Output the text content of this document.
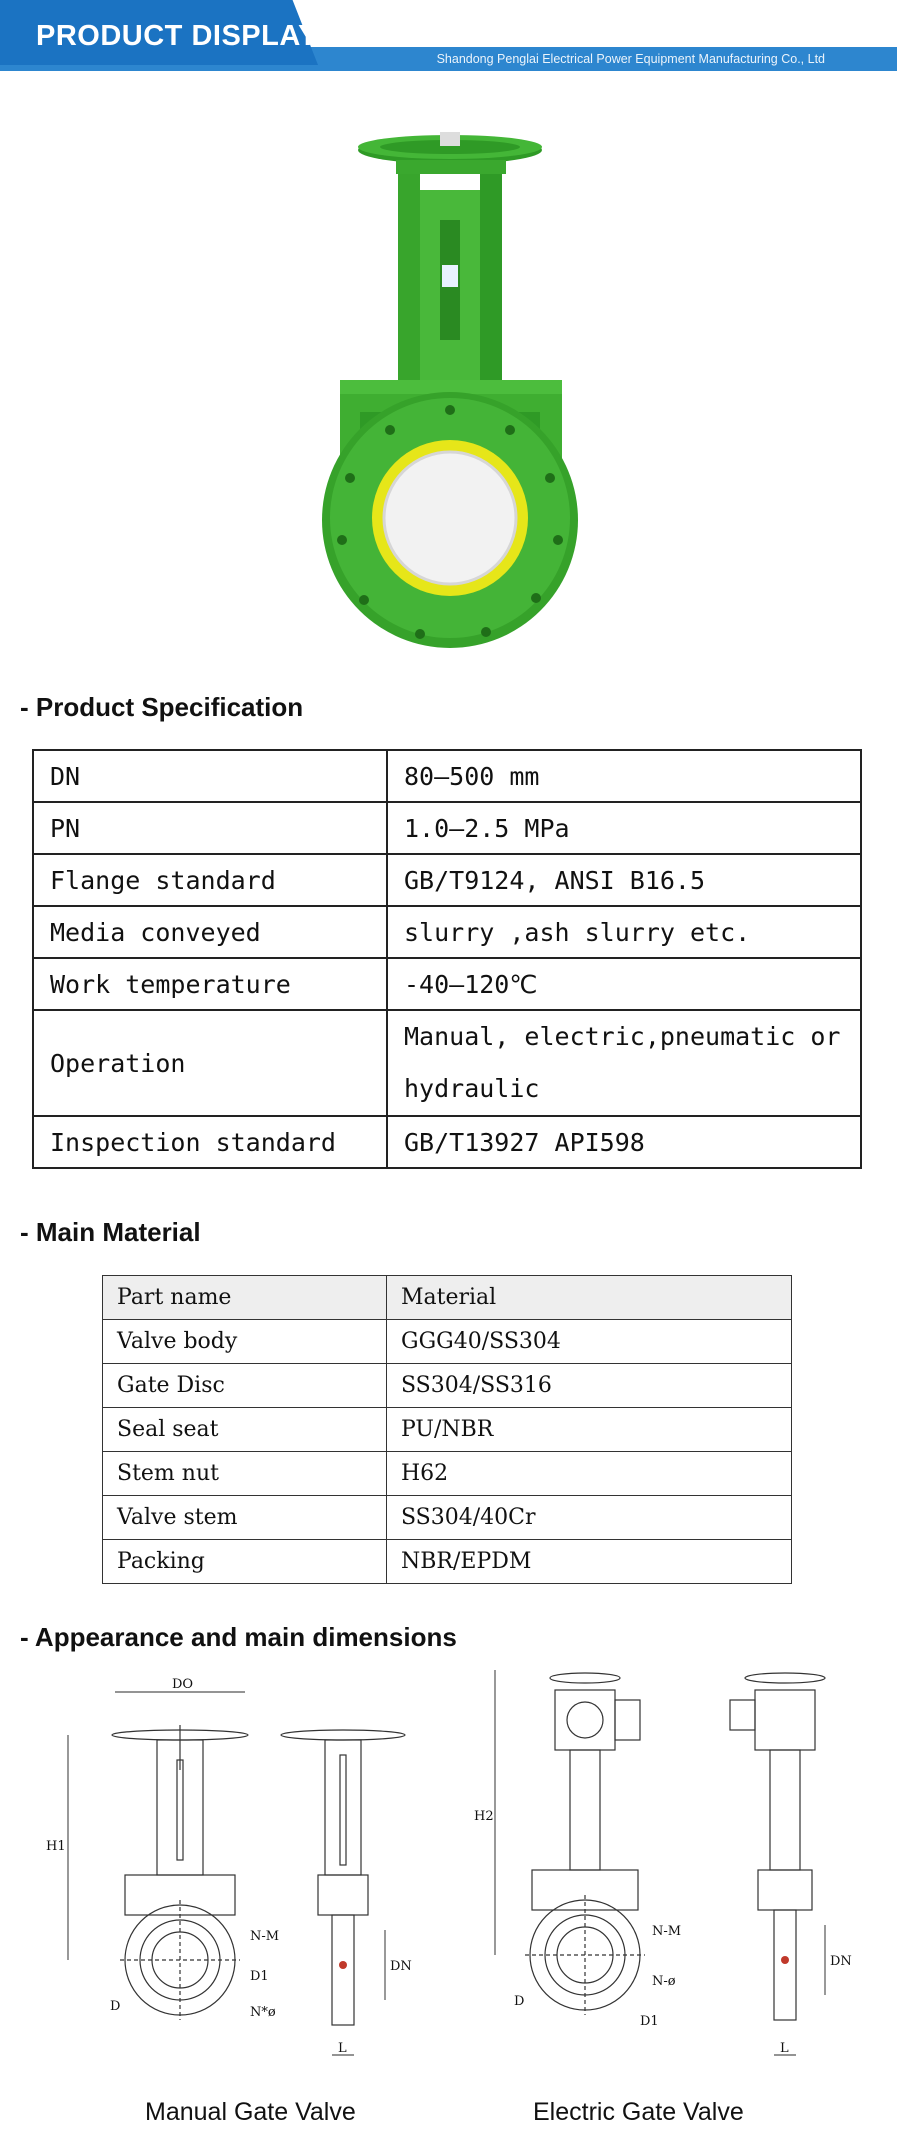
PRODUCT DISPLAY
Shandong Penglai Electrical Power Equipment Manufacturing Co., Ltd
- Product Specification
DN	80—500 mm
PN	1.0—2.5 MPa
Flange standard	GB/T9124, ANSI B16.5
Media conveyed	slurry ,ash slurry etc.
Work temperature	-40—120℃
Operation	Manual, electric,pneumatic or hydraulic
Inspection standard	GB/T13927 API598
- Main Material
Part name	Material
Valve body	GGG40/SS304
Gate Disc	SS304/SS316
Seal seat	PU/NBR
Stem nut	H62
Valve stem	SS304/40Cr
Packing	NBR/EPDM
- Appearance and main dimensions
DO
H1
N-M
D1
D	N*ø
DN
L
H2
N-M
N-ø
D
D1
DN
L
Manual Gate Valve	Electric Gate Valve
